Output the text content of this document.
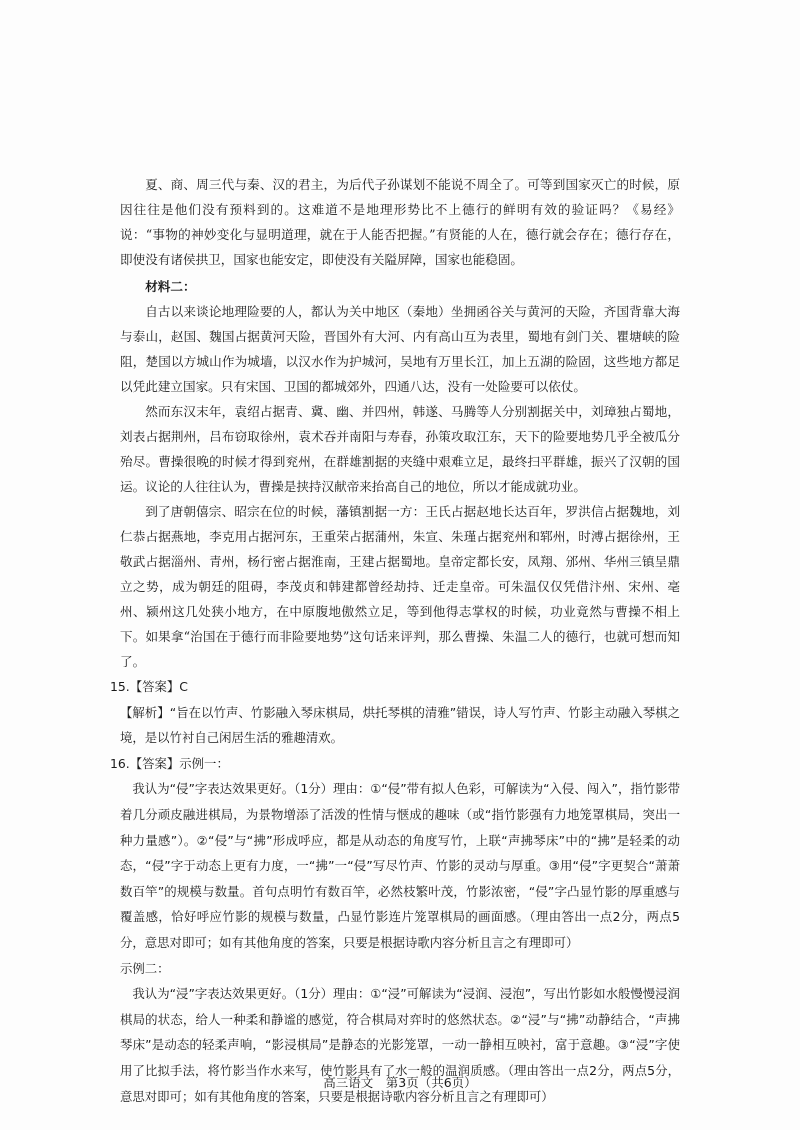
夏、商、周三代与秦、汉的君主，为后代子孙谋划不能说不周全了。可等到国家灭亡的时候，原因往往是他们没有预料到的。这难道不是地理形势比不上德行的鲜明有效的验证吗？《易经》说：“事物的神妙变化与显明道理，就在于人能否把握。”有贤能的人在，德行就会存在；德行存在，即使没有诸侯拱卫，国家也能安定，即使没有关隘屏障，国家也能稳固。

材料二：

自古以来谈论地理险要的人，都认为关中地区（秦地）坐拥函谷关与黄河的天险，齐国背靠大海与泰山，赵国、魏国占据黄河天险，晋国外有大河、内有高山互为表里，蜀地有剑门关、瞿塘峡的险阻，楚国以方城山作为城墙，以汉水作为护城河，吴地有万里长江，加上五湖的险固，这些地方都足以凭此建立国家。只有宋国、卫国的都城郊外，四通八达，没有一处险要可以依仗。

然而东汉末年，袁绍占据青、冀、幽、并四州，韩遂、马腾等人分别割据关中，刘璋独占蜀地，刘表占据荆州，吕布窃取徐州，袁术吞并南阳与寿春，孙策攻取江东，天下的险要地势几乎全被瓜分殆尽。曹操很晚的时候才得到兖州，在群雄割据的夹缝中艰难立足，最终扫平群雄，振兴了汉朝的国运。议论的人往往认为，曹操是挟持汉献帝来抬高自己的地位，所以才能成就功业。

到了唐朝僖宗、昭宗在位的时候，藩镇割据一方：王氏占据赵地长达百年，罗洪信占据魏地，刘仁恭占据燕地，李克用占据河东，王重荣占据蒲州，朱宣、朱瑾占据兖州和郓州，时溥占据徐州，王敬武占据淄州、青州，杨行密占据淮南，王建占据蜀地。皇帝定都长安，凤翔、邠州、华州三镇呈鼎立之势，成为朝廷的阻碍，李茂贞和韩建都曾经劫持、迁走皇帝。可朱温仅仅凭借汴州、宋州、亳州、颍州这几处狭小地方，在中原腹地傲然立足，等到他得志掌权的时候，功业竟然与曹操不相上下。如果拿“治国在于德行而非险要地势”这句话来评判，那么曹操、朱温二人的德行，也就可想而知了。

15.【答案】C

【解析】“旨在以竹声、竹影融入琴床棋局，烘托琴棋的清雅”错误，诗人写竹声、竹影主动融入琴棋之境，是以竹衬自己闲居生活的雅趣清欢。

16.【答案】示例一：

我认为“侵”字表达效果更好。（1分）理由：①“侵”带有拟人色彩，可解读为“入侵、闯入”，指竹影带着几分顽皮融进棋局，为景物增添了活泼的性情与惬成的趣味（或“指竹影强有力地笼罩棋局，突出一种力量感”）。②“侵”与“拂”形成呼应，都是从动态的角度写竹，上联“声拂琴床”中的“拂”是轻柔的动态，“侵”字于动态上更有力度，一“拂”一“侵”写尽竹声、竹影的灵动与厚重。③用“侵”字更契合“萧萧数百竿”的规模与数量。首句点明竹有数百竿，必然枝繁叶茂，竹影浓密，“侵”字凸显竹影的厚重感与覆盖感，恰好呼应竹影的规模与数量，凸显竹影连片笼罩棋局的画面感。（理由答出一点2分，两点5分，意思对即可；如有其他角度的答案，只要是根据诗歌内容分析且言之有理即可）

示例二：

我认为“浸”字表达效果更好。（1分）理由：①“浸”可解读为“浸润、浸泡”，写出竹影如水般慢慢浸润棋局的状态，给人一种柔和静谧的感觉，符合棋局对弈时的悠然状态。②“浸”与“拂”动静结合，“声拂琴床”是动态的轻柔声响，“影浸棋局”是静态的光影笼罩，一动一静相互映衬，富于意趣。③“浸”字使用了比拟手法，将竹影当作水来写，使竹影具有了水一般的温润质感。（理由答出一点2分，两点5分，意思对即可；如有其他角度的答案，只要是根据诗歌内容分析且言之有理即可）

高三语文　第3页（共6页）
